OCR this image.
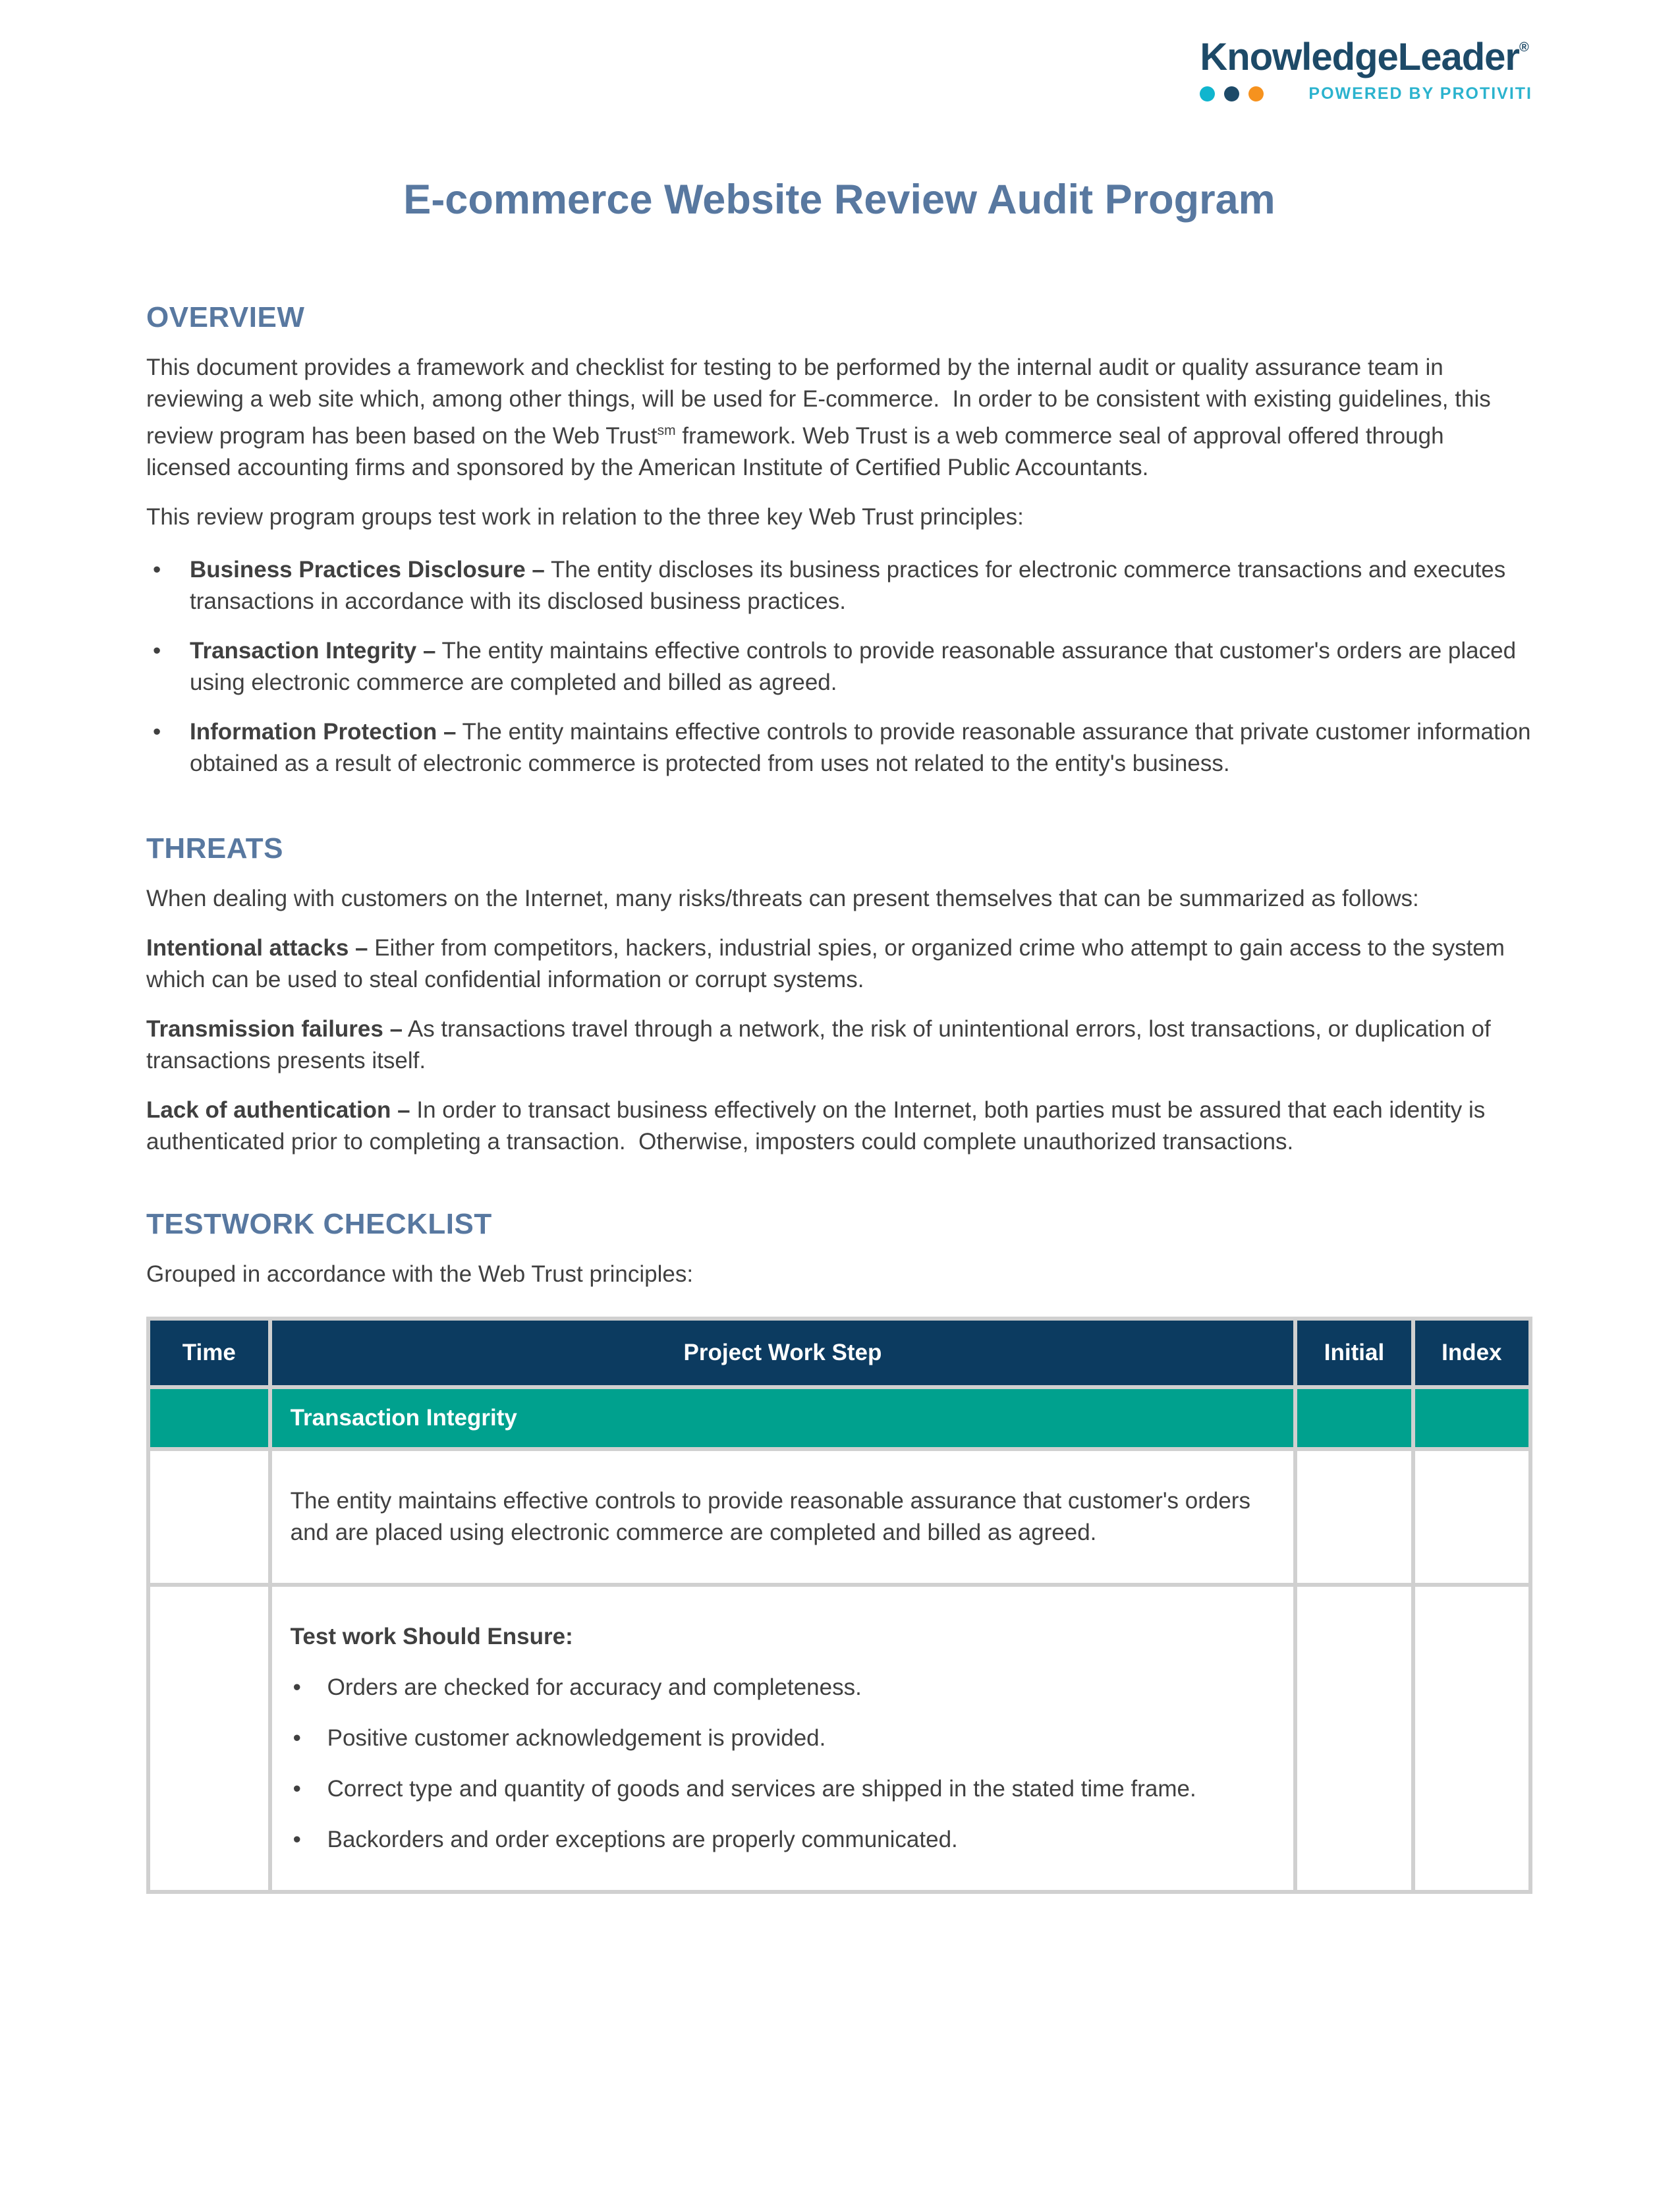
KnowledgeLeader®
POWERED BY PROTIVITI
E-commerce Website Review Audit Program
OVERVIEW

This document provides a framework and checklist for testing to be performed by the internal audit or quality assurance team in reviewing a web site which, among other things, will be used for E-commerce.  In order to be consistent with existing guidelines, this review program has been based on the Web Trust$^{sm}$ framework. Web Trust is a web commerce seal of approval offered through licensed accounting firms and sponsored by the American Institute of Certified Public Accountants.

This review program groups test work in relation to the three key Web Trust principles:

• Business Practices Disclosure – The entity discloses its business practices for electronic commerce transactions and executes transactions in accordance with its disclosed business practices.
• Transaction Integrity – The entity maintains effective controls to provide reasonable assurance that customer's orders are placed using electronic commerce are completed and billed as agreed.
• Information Protection – The entity maintains effective controls to provide reasonable assurance that private customer information obtained as a result of electronic commerce is protected from uses not related to the entity's business.
THREATS

When dealing with customers on the Internet, many risks/threats can present themselves that can be summarized as follows:

Intentional attacks – Either from competitors, hackers, industrial spies, or organized crime who attempt to gain access to the system which can be used to steal confidential information or corrupt systems.

Transmission failures – As transactions travel through a network, the risk of unintentional errors, lost transactions, or duplication of transactions presents itself.

Lack of authentication – In order to transact business effectively on the Internet, both parties must be assured that each identity is authenticated prior to completing a transaction.  Otherwise, imposters could complete unauthorized transactions.

TESTWORK CHECKLIST

Grouped in accordance with the Web Trust principles:

Time	Project Work Step	Initial	Index
	Transaction Integrity		
	The entity maintains effective controls to provide reasonable assurance that customer's orders and are placed using electronic commerce are completed and billed as agreed.		

Test work Should Ensure:
• Orders are checked for accuracy and completeness.
• Positive customer acknowledgement is provided.
• Correct type and quantity of goods and services are shipped in the stated time frame.
• Backorders and order exceptions are properly communicated.
